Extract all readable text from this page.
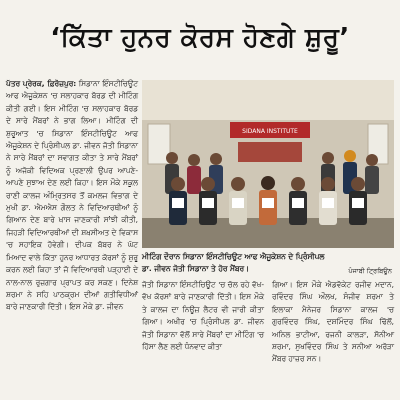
‘ਕਿੱਤਾ ਹੁਨਰ ਕੋਰਸ ਹੋਣਗੇ ਸ਼ੁਰੂ’

ਪੱਤਰ ਪ੍ਰੇਰਕ, ਫ਼ਿਰੋਜ਼ਪੁਰ: ਸਿਡਾਨਾ ਇੰਸਟੀਚਿਊਟ ਆਫ ਐਜੂਕੇਸ਼ਨ 'ਚ ਸਲਾਹਕਾਰ ਬੋਰਡ ਦੀ ਮੀਟਿੰਗ ਕੀਤੀ ਗਈ। ਇਸ ਮੀਟਿੰਗ 'ਚ ਸਲਾਹਕਾਰ ਬੋਰਡ ਦੇ ਸਾਰੇ ਮੈਂਬਰਾਂ ਨੇ ਭਾਗ ਲਿਆ। ਮੀਟਿੰਗ ਦੀ ਸ਼ੁਰੂਆਤ 'ਚ ਸਿਡਾਨਾ ਇੰਸਟੀਚਿਊਟ ਆਫ ਐਜੂਕੇਸ਼ਨ ਦੇ ਪ੍ਰਿੰਸੀਪਲ ਡਾ. ਜੀਵਨ ਜੋਤੀ ਸਿਡਾਨਾ ਨੇ ਸਾਰੇ ਮੈਂਬਰਾਂ ਦਾ ਸਵਾਗਤ ਕੀਤਾ ਤੇ ਸਾਰੇ ਮੈਂਬਰਾਂ ਨੂੰ ਅਜੋਕੀ ਵਿਦਿਅਕ ਪ੍ਰਣਾਲੀ ਉਪਰ ਆਪਣੇ-ਆਪਣੇ ਸੁਝਾਅ ਦੇਣ ਲਈ ਕਿਹਾ। ਇਸ ਮੌਕੇ ਸਕੂਲ ਰਾਣੀ ਕਾਲਜ ਅੰਮ੍ਰਿਤਸਰ ਤੋਂ ਕਮਲਜ ਵਿਭਾਗ ਦੇ ਮੁਖੀ ਡਾ. ਐਮਐਸ ਗੌਲਤ ਨੇ ਵਿਦਿਆਰਥੀਆਂ ਨੂੰ ਗਿਆਨ ਦੇਣ ਬਾਰੇ ਖ਼ਾਸ ਜਾਣਕਾਰੀ ਸਾਂਝੀ ਕੀਤੀ, ਜਿਹੜੀ ਵਿਦਿਆਰਥੀਆਂ ਦੀ ਸ਼ਖ਼ਸੀਅਤ ਦੇ ਵਿਕਾਸ 'ਚ ਸਹਾਇਕ ਹੋਵੇਗੀ। ਦੀਪਕ ਬੱਬਰ ਨੇ ਘੱਟ ਮਿਆਦ ਵਾਲੇ ਕਿੱਤਾ ਹੁਨਰ ਆਧਾਰਤ ਕੋਰਸਾਂ ਨੂੰ ਸ਼ੁਰੂ ਕਰਨ ਲਈ ਕਿਹਾ ਤਾਂ ਜੋ ਵਿਦਿਆਰਥੀ ਪੜ੍ਹਾਈ ਦੇ ਨਾਲ-ਨਾਲ ਰੁਜ਼ਗਾਰ ਪ੍ਰਾਪਤ ਕਰ ਸਕਣ। ਦਿਨੇਸ਼ ਸ਼ਰਮਾ ਨੇ ਸਹਿ ਪਾਠਕ੍ਰਮ ਦੀਆਂ ਗਤੀਵਿਧੀਆਂ ਬਾਰੇ ਜਾਣਕਾਰੀ ਦਿੱਤੀ। ਇਸ ਮੌਕੇ ਡਾ. ਜੀਵਨ

SIDANA INSTITUTE
ਮੀਟਿੰਗ ਦੌਰਾਨ ਸਿਡਾਨਾ ਇੰਸਟੀਚਿਊਟ ਆਫ ਐਜੂਕੇਸ਼ਨ ਦੇ ਪ੍ਰਿੰਸੀਪਲ ਡਾ. ਜੀਵਨ ਜੋਤੀ ਸਿਡਾਨਾ ਤੇ ਹੋਰ ਮੈਂਬਰ।	ਪੰਜਾਬੀ ਟ੍ਰਿਬਿਊਨ

ਜੋਤੀ ਸਿਡਾਨਾ ਇੰਸਟੀਚਿਊਟ 'ਚ ਚੱਲ ਰਹੇ ਵੱਖ-ਵੱਖ ਕੋਰਸਾਂ ਬਾਰੇ ਜਾਣਕਾਰੀ ਦਿੱਤੀ। ਇਸ ਮੌਕੇ ਤੇ ਕਾਲਜ ਦਾ ਨਿਊਜ਼ ਲੈਟਰ ਵੀ ਜਾਰੀ ਕੀਤਾ ਗਿਆ। ਅਖੀਰ 'ਚ ਪ੍ਰਿੰਸੀਪਲ ਡਾ. ਜੀਵਨ ਜੋਤੀ ਸਿਡਾਨਾ ਵੱਲੋਂ ਸਾਰੇ ਮੈਂਬਰਾਂ ਦਾ ਮੀਟਿੰਗ 'ਚ ਹਿੱਸਾ ਲੈਣ ਲਈ ਧੰਨਵਾਦ ਕੀਤਾ

ਗਿਆ। ਇਸ ਮੌਕੇ ਐਡਵੋਕੇਟ ਰਜੀਵ ਮਦਾਨ, ਰਵਿੰਦਰ ਸਿੰਘ ਔਲਖ, ਸੰਜੀਵ ਸ਼ਰਮਾ ਤੇ ਇਲਾਕਾ ਮੈਨੇਜਰ ਸਿਡਾਨਾ ਕਾਲਜ 'ਚ ਗੁਰਵਿੰਦਰ ਸਿੰਘ, ਦਸ਼ਮਿੰਦਰ ਸਿੰਘ ਢਿੱਲੋਂ, ਅਨਿਲ ਭਾਟੀਆ, ਰਜਨੀ ਕਾਲੜਾ, ਸੋਨੀਆ ਸ਼ਰਮਾ, ਸੁਖਵਿੰਦਰ ਸਿੰਘ ਤੇ ਸਨੀਆ ਅਰੋੜਾ ਮੈਂਬਰ ਹਾਜ਼ਰ ਸਨ।
